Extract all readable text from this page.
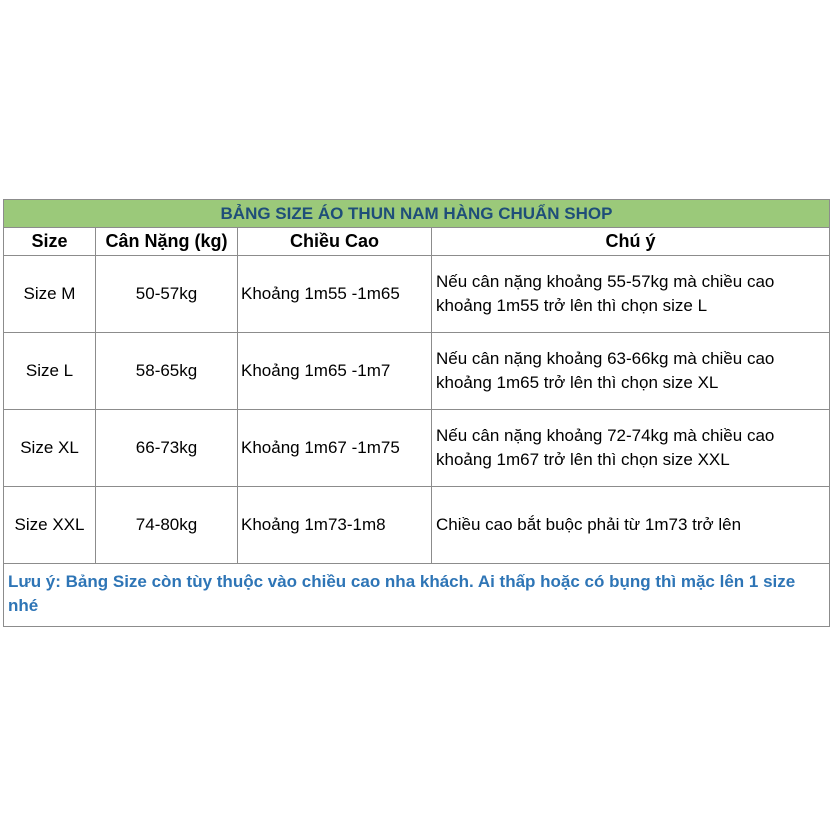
BẢNG SIZE ÁO THUN NAM HÀNG CHUẨN SHOP			
Size	Cân Nặng (kg)	Chiều Cao	Chú ý
Size M	50-57kg	Khoảng 1m55 -1m65	Nếu cân nặng khoảng 55-57kg mà chiều cao khoảng 1m55 trở lên thì chọn size L
Size L	58-65kg	Khoảng 1m65 -1m7	Nếu cân nặng khoảng 63-66kg mà chiều cao khoảng 1m65 trở lên thì chọn size XL
Size XL	66-73kg	Khoảng 1m67 -1m75	Nếu cân nặng khoảng 72-74kg mà chiều cao khoảng 1m67 trở lên thì chọn size XXL
Size XXL	74-80kg	Khoảng 1m73-1m8	Chiều cao bắt buộc phải từ 1m73 trở lên
Lưu ý: Bảng Size còn tùy thuộc vào chiều cao nha khách. Ai thấp hoặc có bụng thì mặc lên 1 size nhé			
